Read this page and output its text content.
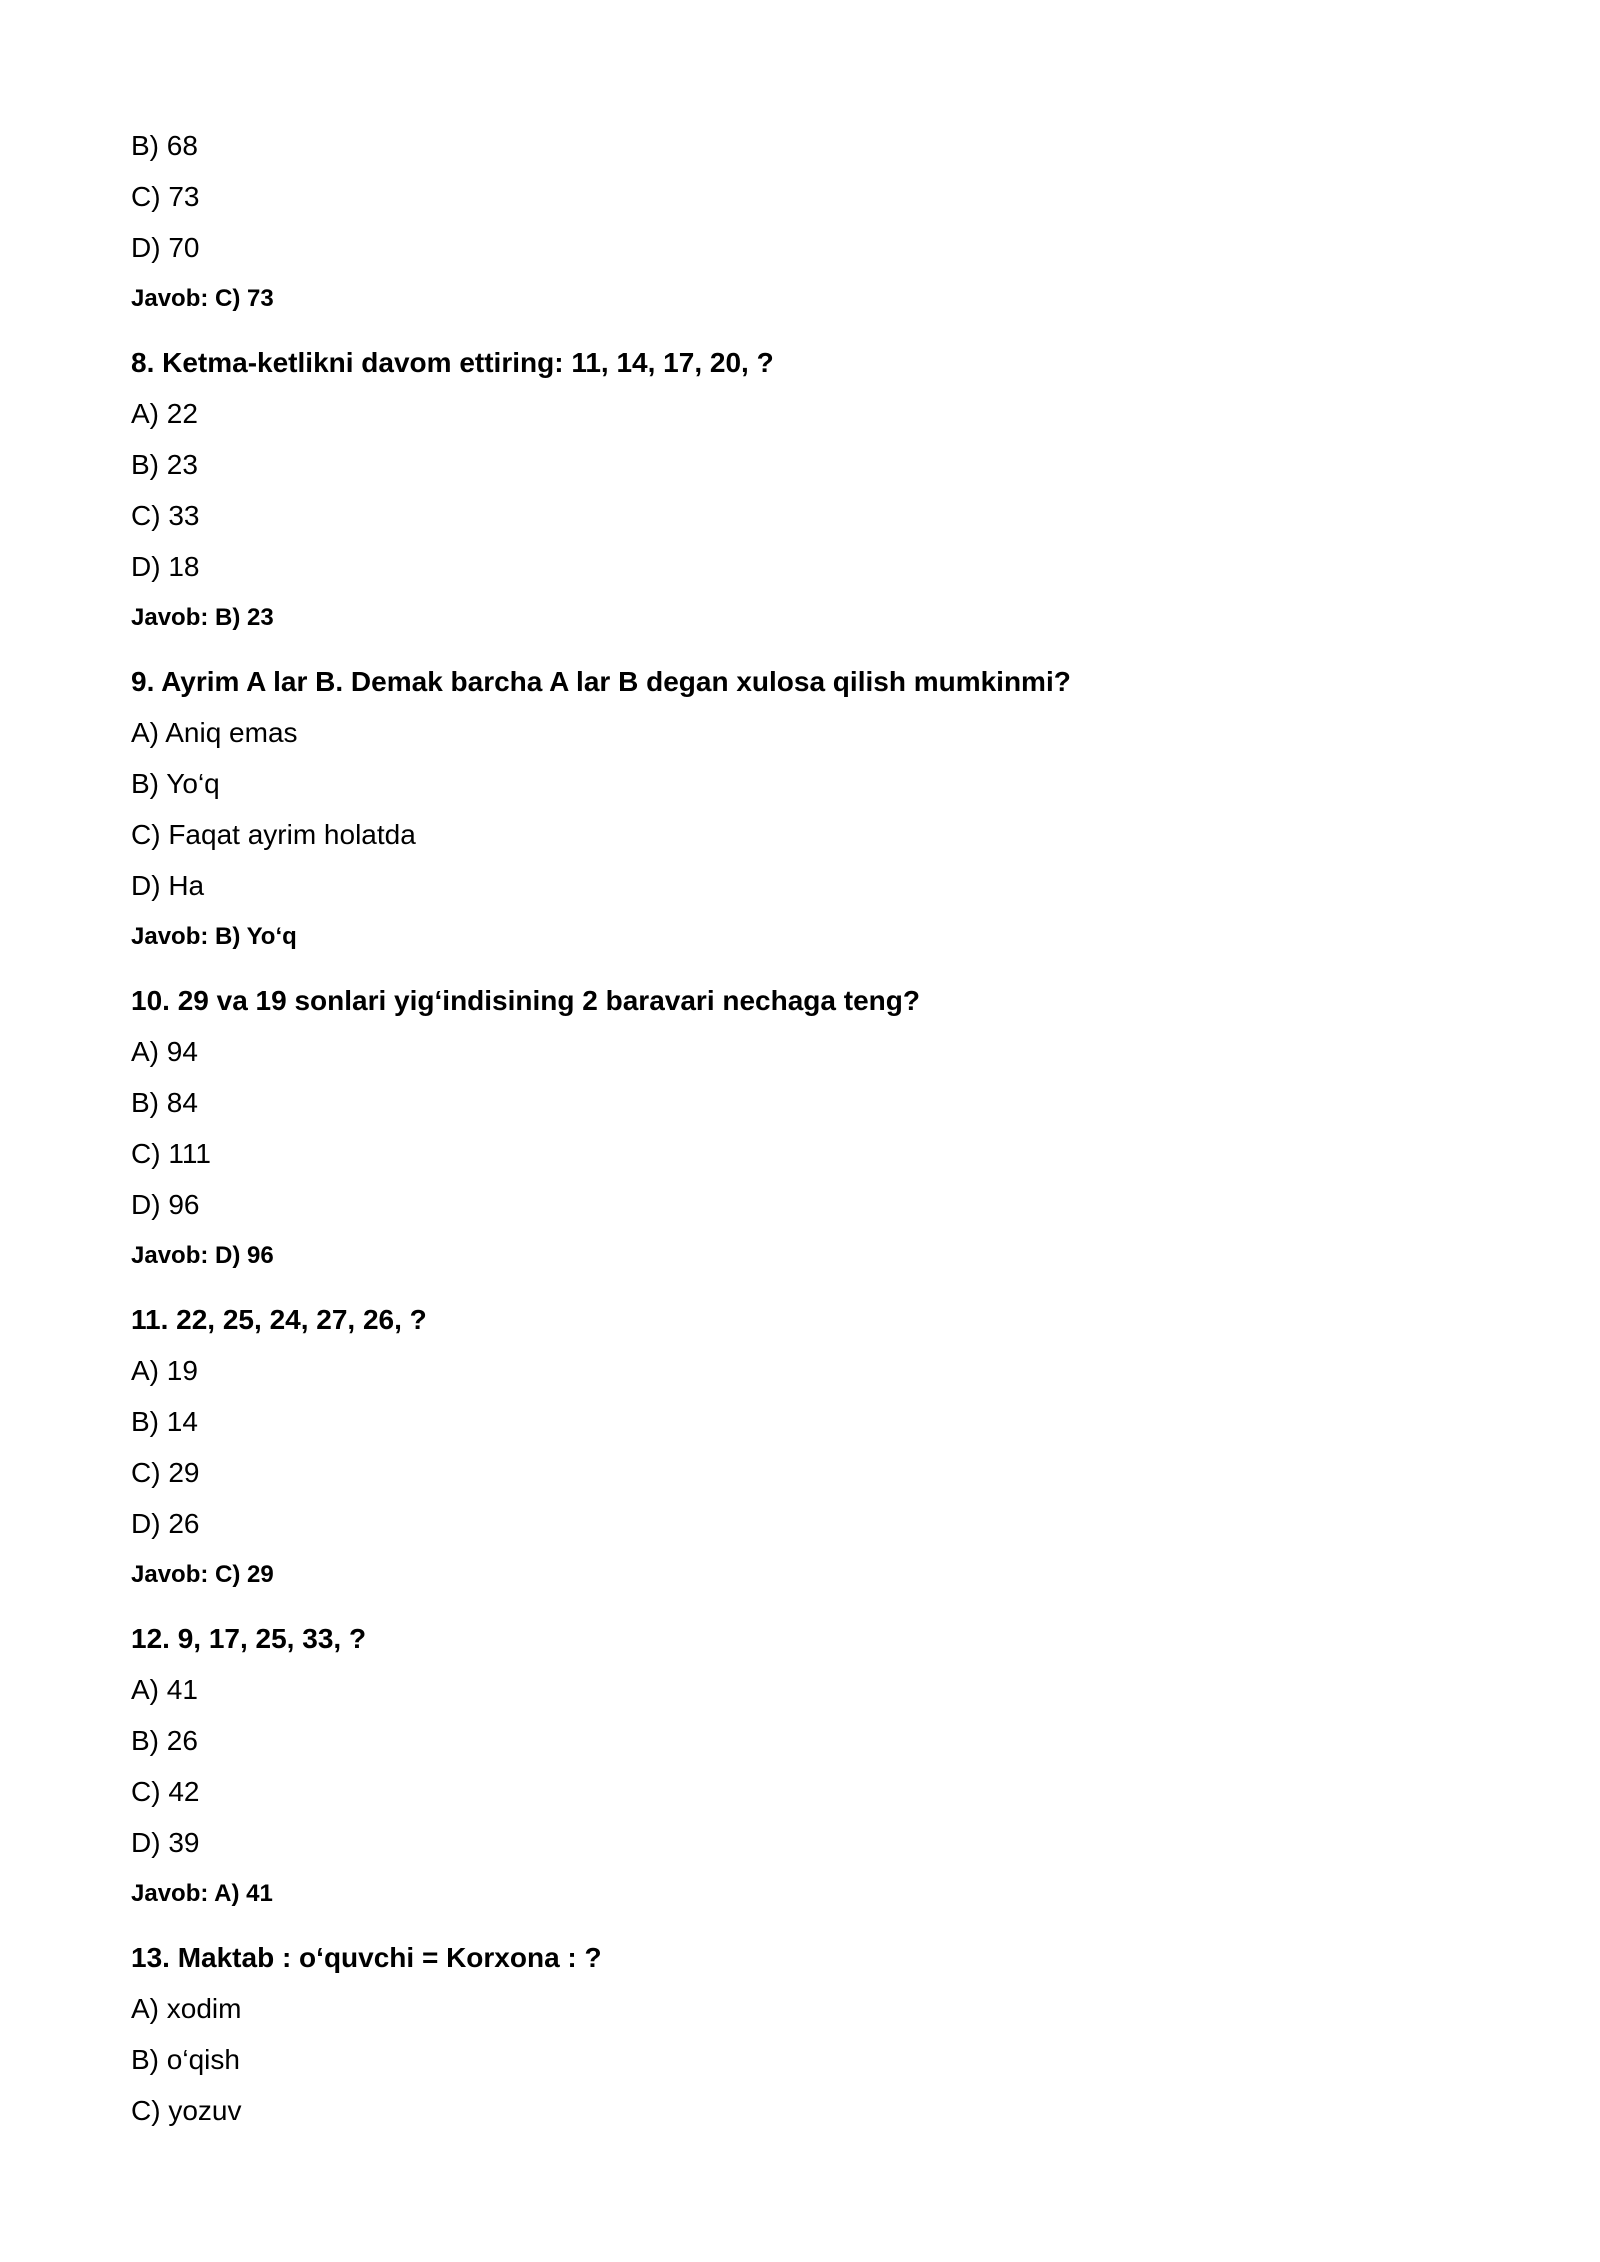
B) 68
C) 73
D) 70
Javob: C) 73
8. Ketma-ketlikni davom ettiring: 11, 14, 17, 20, ?
A) 22
B) 23
C) 33
D) 18
Javob: B) 23
9. Ayrim A lar B. Demak barcha A lar B degan xulosa qilish mumkinmi?
A) Aniq emas
B) Yo‘q
C) Faqat ayrim holatda
D) Ha
Javob: B) Yo‘q
10. 29 va 19 sonlari yig‘indisining 2 baravari nechaga teng?
A) 94
B) 84
C) 111
D) 96
Javob: D) 96
11. 22, 25, 24, 27, 26, ?
A) 19
B) 14
C) 29
D) 26
Javob: C) 29
12. 9, 17, 25, 33, ?
A) 41
B) 26
C) 42
D) 39
Javob: A) 41
13. Maktab : o‘quvchi = Korxona : ?
A) xodim
B) o‘qish
C) yozuv
